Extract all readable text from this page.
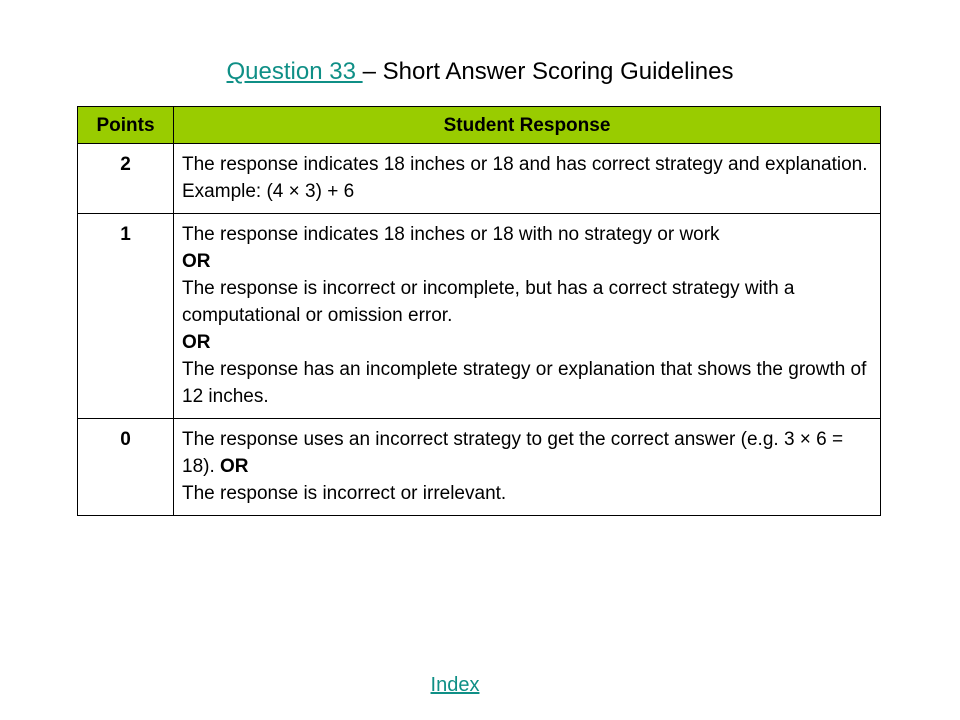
Question 33 – Short Answer Scoring Guidelines
Points	Student Response
2	The response indicates 18 inches or 18 and has correct strategy and explanation. Example: (4 × 3) + 6

1	The response indicates 18 inches or 18 with no strategy or work
OR
The response is incorrect or incomplete, but has a correct strategy with a computational or omission error.
OR
The response has an incomplete strategy or explanation that shows the growth of 12 inches.

0	The response uses an incorrect strategy to get the correct answer (e.g. 3 × 6 = 18). OR
The response is incorrect or irrelevant.
Index
